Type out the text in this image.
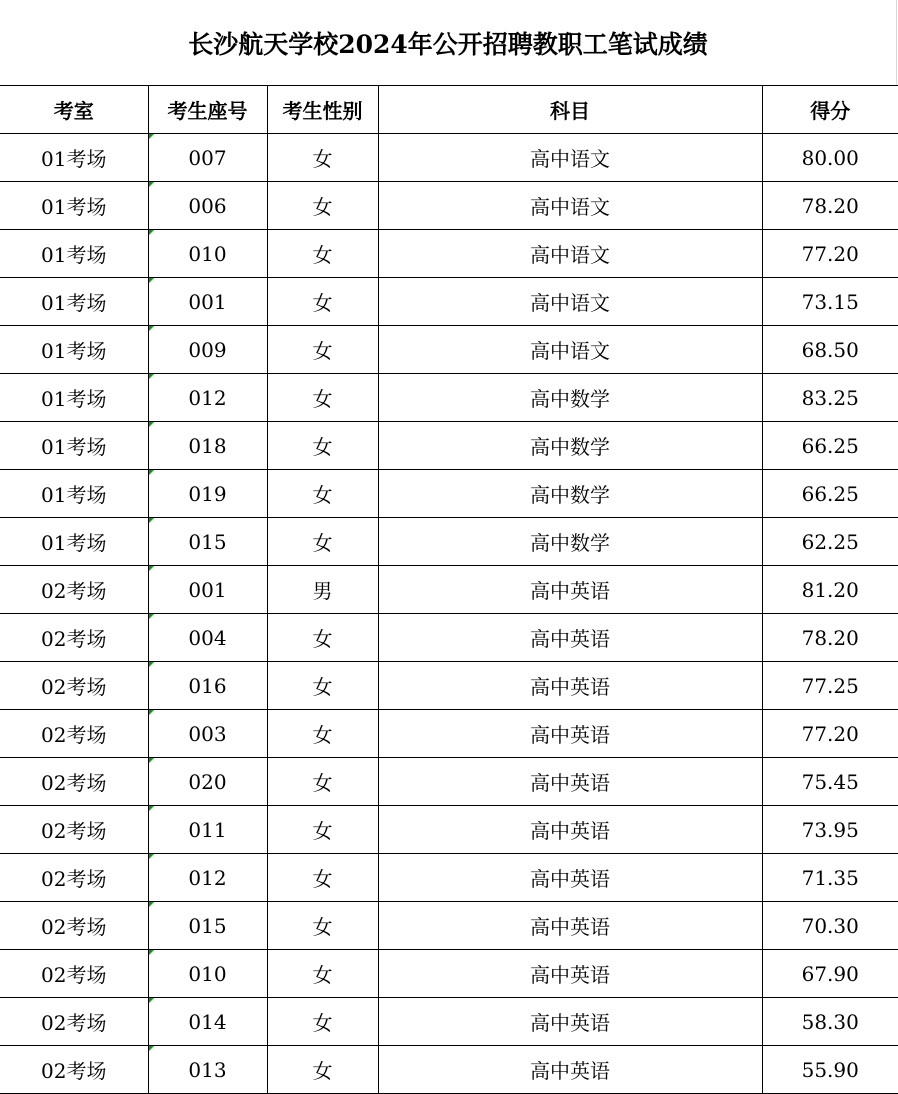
长沙航天学校2024年公开招聘教职工笔试成绩
考室	考生座号	考生性别	科目	得分
01考场	007	女	高中语文	80.00
01考场	006	女	高中语文	78.20
01考场	010	女	高中语文	77.20
01考场	001	女	高中语文	73.15
01考场	009	女	高中语文	68.50
01考场	012	女	高中数学	83.25
01考场	018	女	高中数学	66.25
01考场	019	女	高中数学	66.25
01考场	015	女	高中数学	62.25
02考场	001	男	高中英语	81.20
02考场	004	女	高中英语	78.20
02考场	016	女	高中英语	77.25
02考场	003	女	高中英语	77.20
02考场	020	女	高中英语	75.45
02考场	011	女	高中英语	73.95
02考场	012	女	高中英语	71.35
02考场	015	女	高中英语	70.30
02考场	010	女	高中英语	67.90
02考场	014	女	高中英语	58.30
02考场	013	女	高中英语	55.90
